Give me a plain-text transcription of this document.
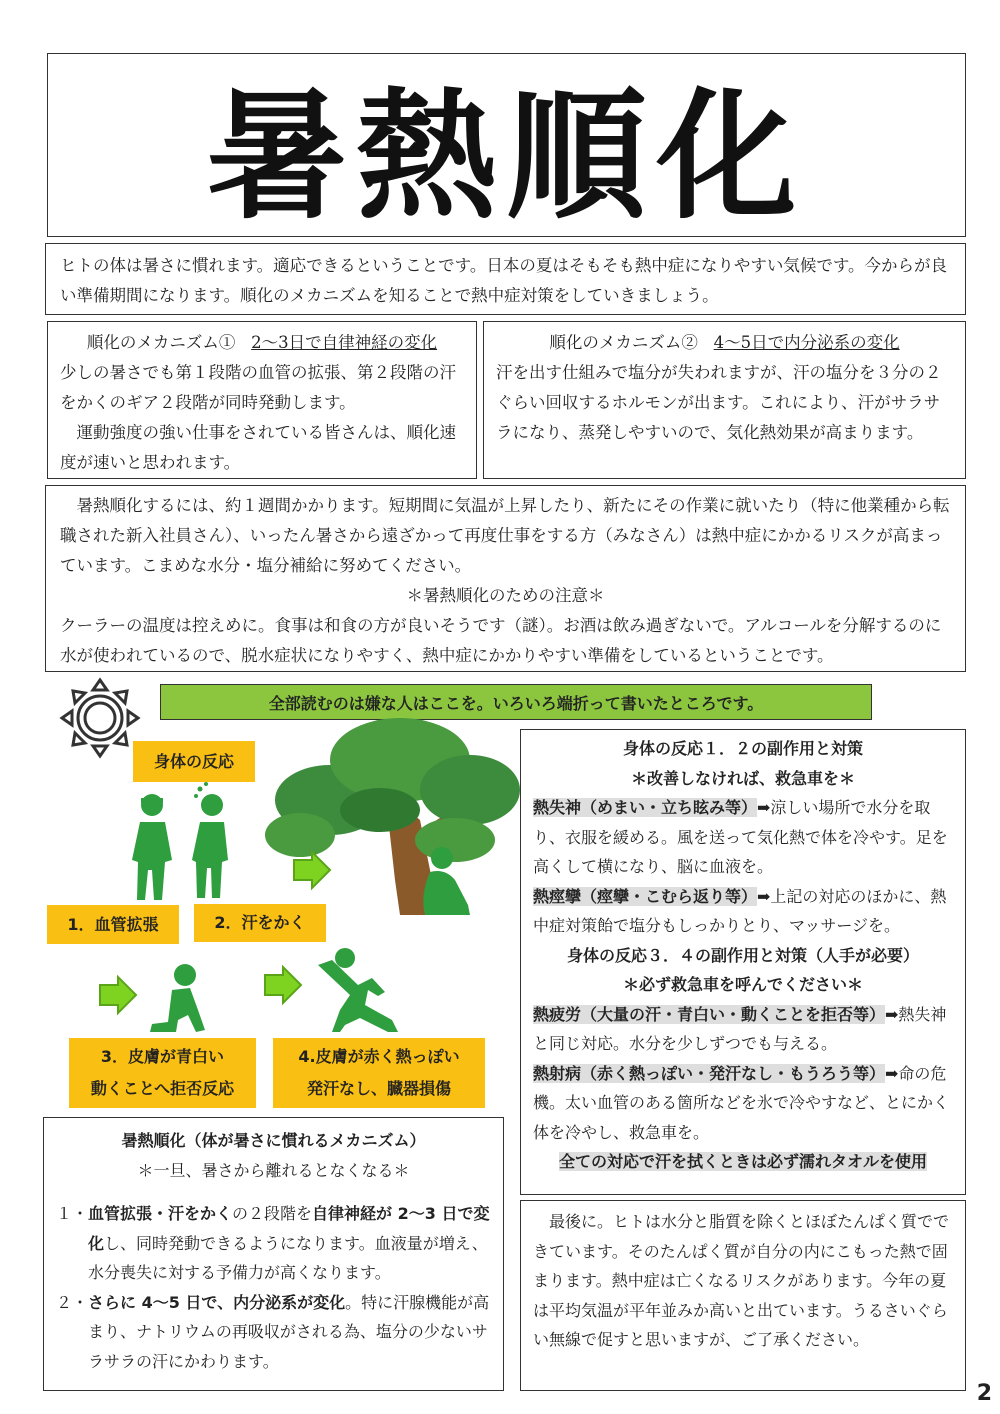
暑熱順化

ヒトの体は暑さに慣れます。適応できるということです。日本の夏はそもそも熱中症になりやすい気候です。今からが良い準備期間になります。順化のメカニズムを知ることで熱中症対策をしていきましょう。

順化のメカニズム① 2～3日で自律神経の変化

少しの暑さでも第１段階の血管の拡張、第２段階の汗をかくのギア２段階が同時発動します。

運動強度の強い仕事をされている皆さんは、順化速度が速いと思われます。

順化のメカニズム② 4～5日で内分泌系の変化

汗を出す仕組みで塩分が失われますが、汗の塩分を３分の２ぐらい回収するホルモンが出ます。これにより、汗がサラサラになり、蒸発しやすいので、気化熱効果が高まります。

暑熱順化するには、約１週間かかります。短期間に気温が上昇したり、新たにその作業に就いたり（特に他業種から転職された新入社員さん）、いったん暑さから遠ざかって再度仕事をする方（みなさん）は熱中症にかかるリスクが高まっています。こまめな水分・塩分補給に努めてください。

＊暑熱順化のための注意＊

クーラーの温度は控えめに。食事は和食の方が良いそうです（謎）。お酒は飲み過ぎないで。アルコールを分解するのに水が使われているので、脱水症状になりやすく、熱中症にかかりやすい準備をしているということです。

全部読むのは嫌な人はここを。いろいろ端折って書いたところです。
身体の反応
1．血管拡張	2．汗をかく
3．皮膚が青白い
動くことへ拒否反応
4.皮膚が赤く熱っぽい
発汗なし、臓器損傷

身体の反応１．２の副作用と対策

＊改善しなければ、救急車を＊

熱失神（めまい・立ち眩み等）➡涼しい場所で水分を取り、衣服を緩める。風を送って気化熱で体を冷やす。足を高くして横になり、脳に血液を。

熱痙攣（痙攣・こむら返り等）➡上記の対応のほかに、熱中症対策飴で塩分もしっかりとり、マッサージを。

身体の反応３．４の副作用と対策（人手が必要）

＊必ず救急車を呼んでください＊

熱疲労（大量の汗・青白い・動くことを拒否等）➡熱失神と同じ対応。水分を少しずつでも与える。

熱射病（赤く熱っぽい・発汗なし・もうろう等）➡命の危機。太い血管のある箇所などを氷で冷やすなど、とにかく体を冷やし、救急車を。

全ての対応で汗を拭くときは必ず濡れタオルを使用

暑熱順化（体が暑さに慣れるメカニズム）

＊一旦、暑さから離れるとなくなる＊

１・血管拡張・汗をかくの２段階を自律神経が 2～3 日で変化し、同時発動できるようになります。血液量が増え、水分喪失に対する予備力が高くなります。

２・さらに 4～5 日で、内分泌系が変化。特に汗腺機能が高まり、ナトリウムの再吸収がされる為、塩分の少ないサラサラの汗にかわります。

最後に。ヒトは水分と脂質を除くとほぼたんぱく質でできています。そのたんぱく質が自分の内にこもった熱で固まります。熱中症は亡くなるリスクがあります。今年の夏は平均気温が平年並みか高いと出ています。うるさいぐらい無線で促すと思いますが、ご了承ください。

2
